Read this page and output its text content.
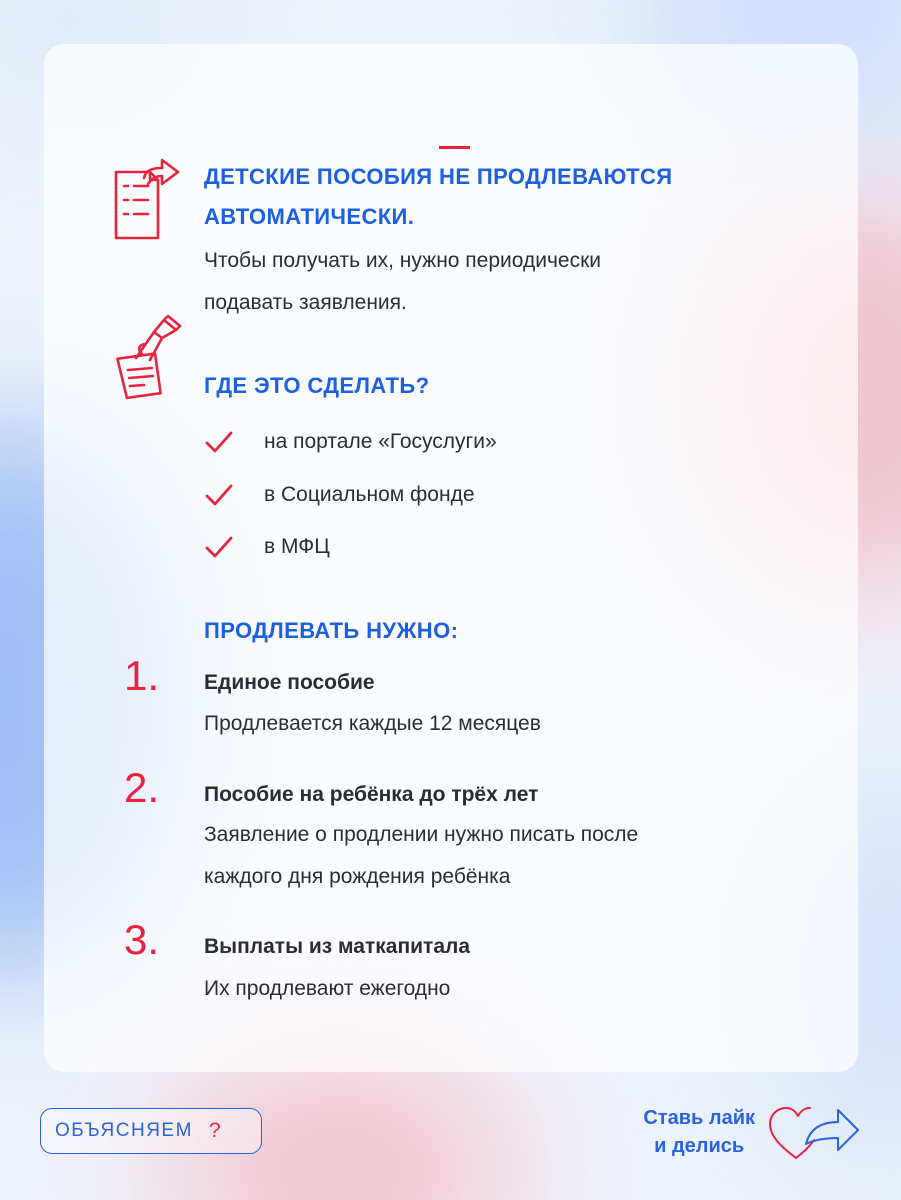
ДЕТСКИЕ ПОСОБИЯ НЕ ПРОДЛЕВАЮТСЯ

АВТОМАТИЧЕСКИ.

Чтобы получать их, нужно периодически

подавать заявления.

ГДЕ ЭТО СДЕЛАТЬ?

на портале «Госуслуги»
в Социальном фонде
в МФЦ

ПРОДЛЕВАТЬ НУЖНО:

1. Единое пособие

Продлевается каждые 12 месяцев

2. Пособие на ребёнка до трёх лет

Заявление о продлении нужно писать после

каждого дня рождения ребёнка

3. Выплаты из маткапитала

Их продлевают ежегодно

ОБЪЯСНЯЕМ ?
Ставь лайк
и делись
